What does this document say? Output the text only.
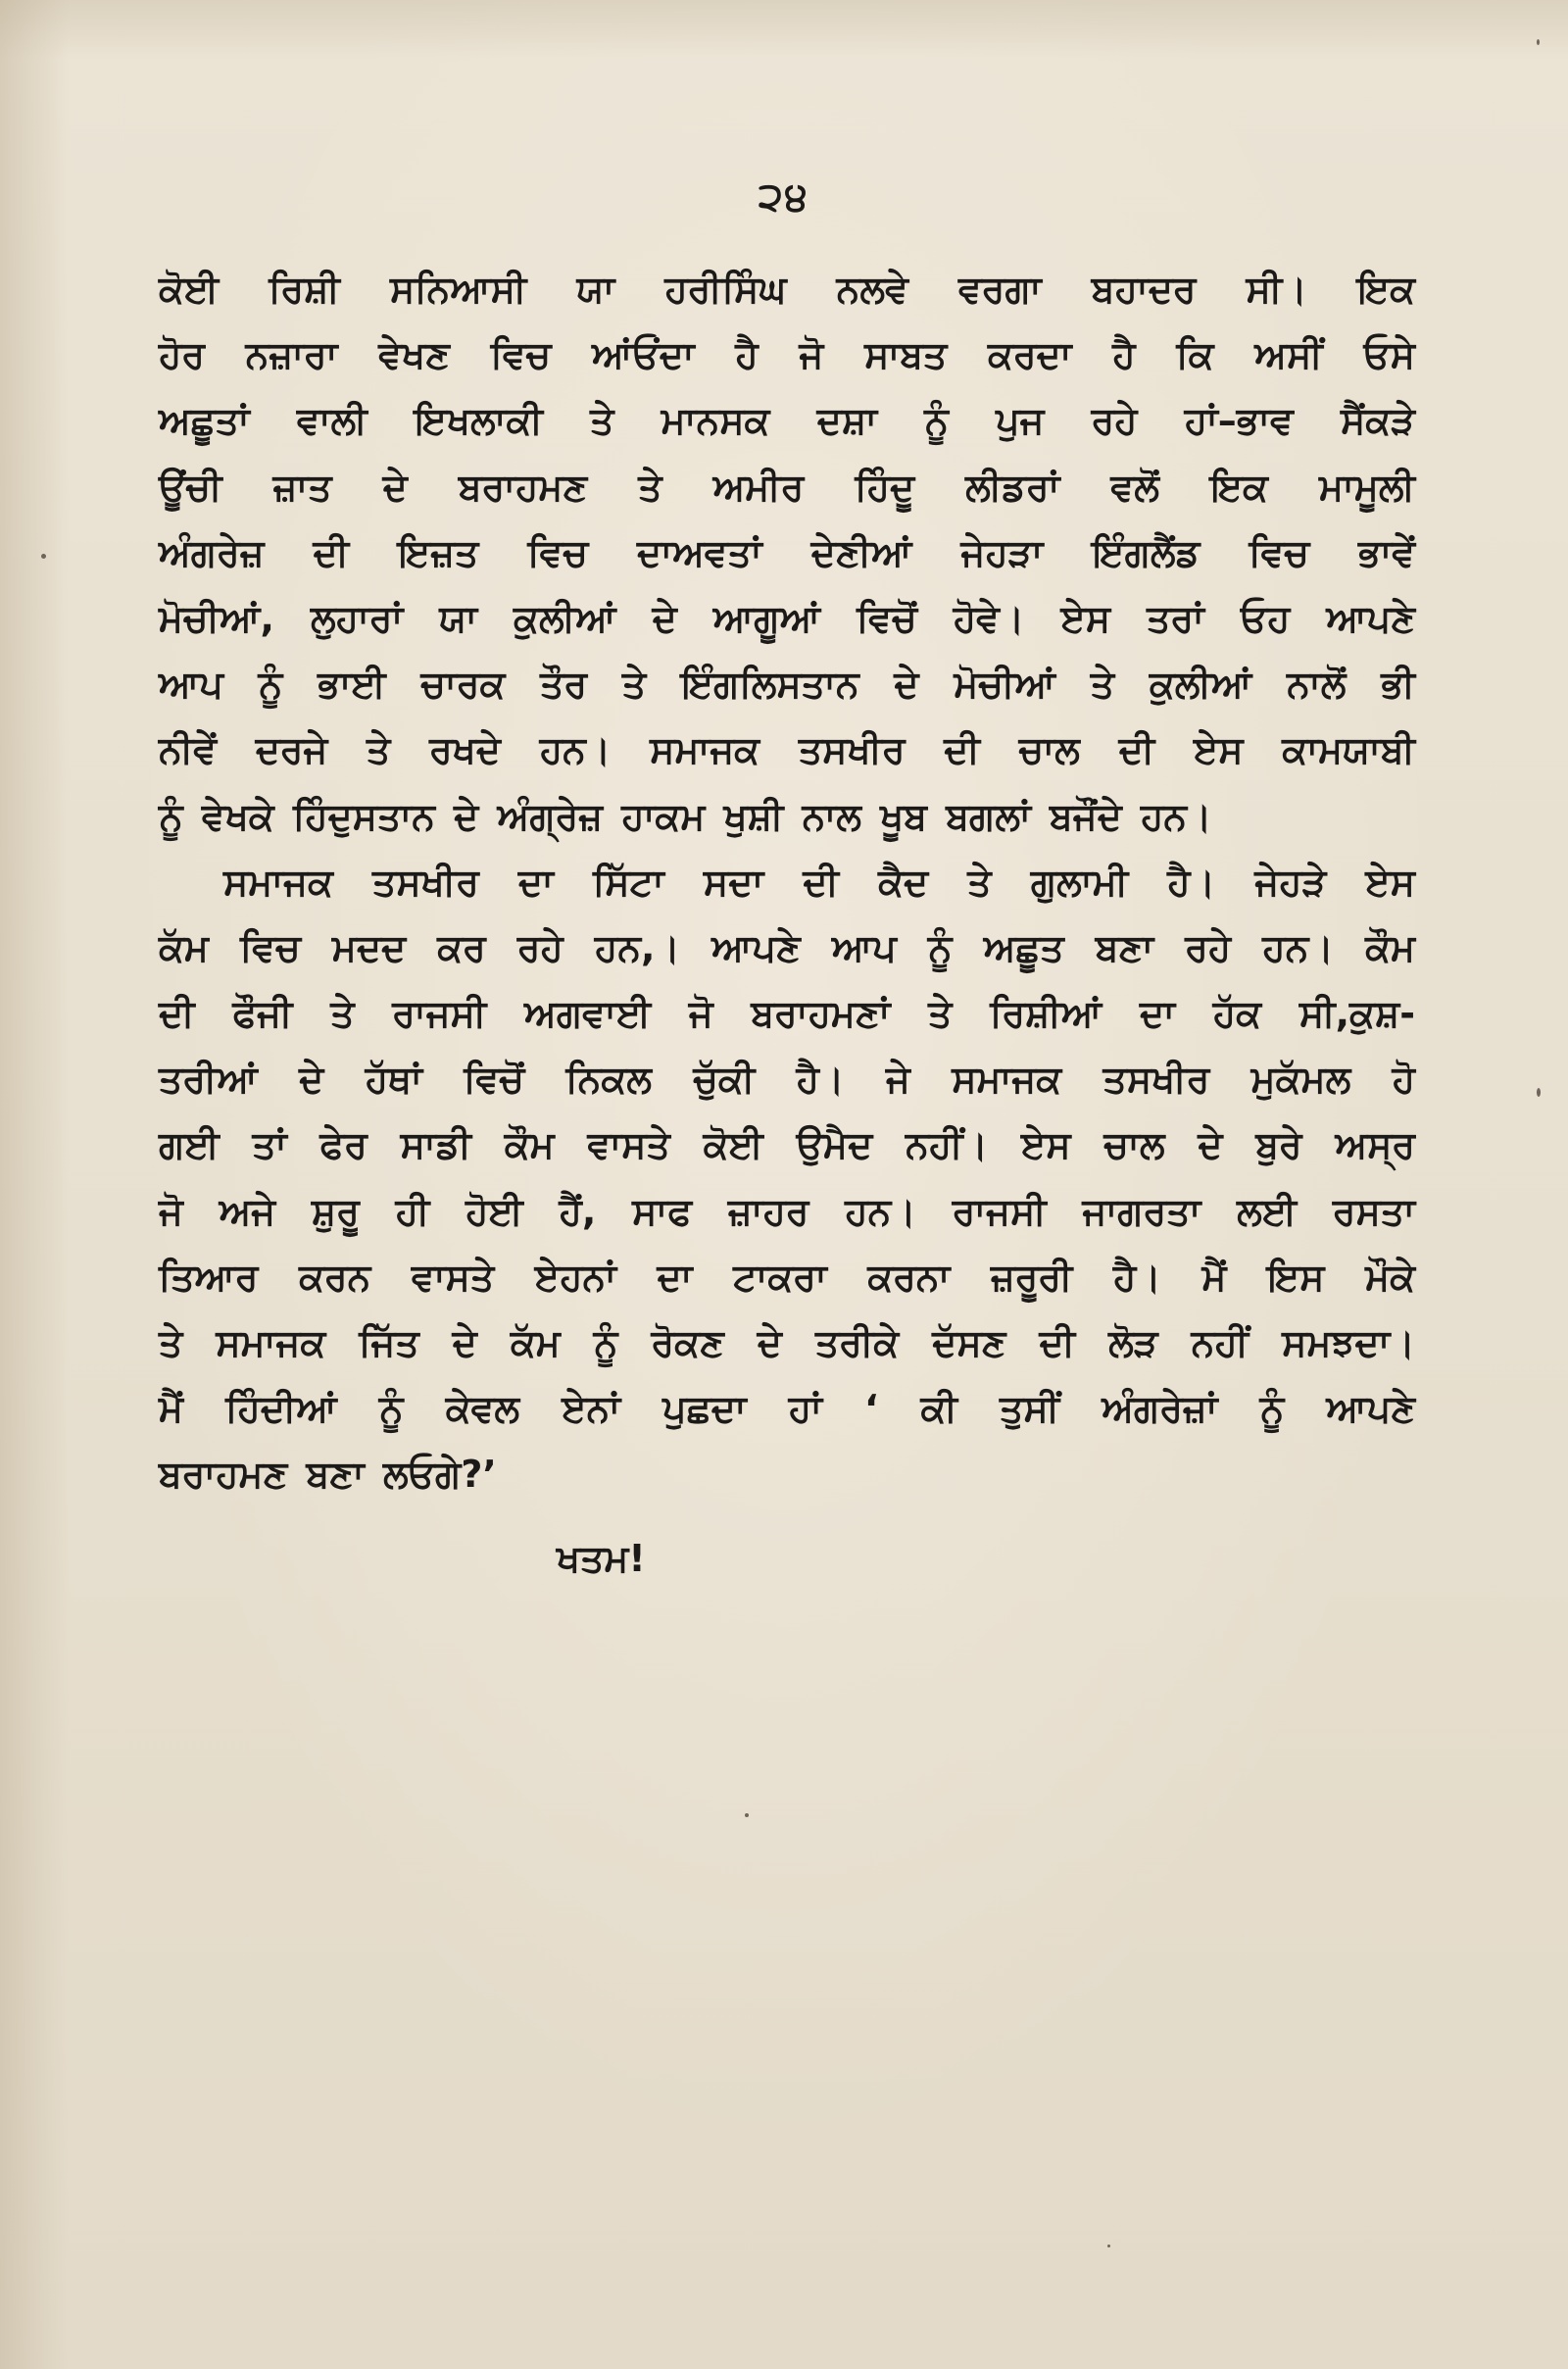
੨੪
ਕੋਈ ਰਿਸ਼ੀ ਸਨਿਆਸੀ ਯਾ ਹਰੀਸਿੰਘ ਨਲਵੇ ਵਰਗਾ ਬਹਾਦਰ ਸੀ। ਇਕ
ਹੋਰ ਨਜ਼ਾਰਾ ਵੇਖਣ ਵਿਚ ਆਂਓਂਦਾ ਹੈ ਜੋ ਸਾਬਤ ਕਰਦਾ ਹੈ ਕਿ ਅਸੀਂ ਓਸੇ
ਅਛੂਤਾਂ ਵਾਲੀ ਇਖਲਾਕੀ ਤੇ ਮਾਨਸਕ ਦਸ਼ਾ ਨੂੰ ਪੁਜ ਰਹੇ ਹਾਂ–ਭਾਵ ਸੈਂਕੜੇ
ਊਂਚੀ ਜ਼ਾਤ ਦੇ ਬਰਾਹਮਣ ਤੇ ਅਮੀਰ ਹਿੰਦੂ ਲੀਡਰਾਂ ਵਲੋਂ ਇਕ ਮਾਮੂਲੀ
ਅੰਗਰੇਜ਼ ਦੀ ਇਜ਼ਤ ਵਿਚ ਦਾਅਵਤਾਂ ਦੇਣੀਆਂ ਜੇਹੜਾ ਇੰਗਲੈਂਡ ਵਿਚ ਭਾਵੇਂ
ਮੋਚੀਆਂ, ਲੁਹਾਰਾਂ ਯਾ ਕੁਲੀਆਂ ਦੇ ਆਗੂਆਂ ਵਿਚੋਂ ਹੋਵੇ। ਏਸ ਤਰਾਂ ਓਹ ਆਪਣੇ
ਆਪ ਨੂੰ ਭਾਈ ਚਾਰਕ ਤੌਰ ਤੇ ਇੰਗਲਿਸਤਾਨ ਦੇ ਮੋਚੀਆਂ ਤੇ ਕੁਲੀਆਂ ਨਾਲੋਂ ਭੀ
ਨੀਵੇਂ ਦਰਜੇ ਤੇ ਰਖਦੇ ਹਨ। ਸਮਾਜਕ ਤਸਖੀਰ ਦੀ ਚਾਲ ਦੀ ਏਸ ਕਾਮਯਾਬੀ
ਨੂੰ ਵੇਖਕੇ ਹਿੰਦੁਸਤਾਨ ਦੇ ਅੰਗ੍ਰੇਜ਼ ਹਾਕਮ ਖੁਸ਼ੀ ਨਾਲ ਖੂਬ ਬਗਲਾਂ ਬਜੌਂਦੇ ਹਨ।
ਸਮਾਜਕ ਤਸਖੀਰ ਦਾ ਸਿੱਟਾ ਸਦਾ ਦੀ ਕੈਦ ਤੇ ਗੁਲਾਮੀ ਹੈ। ਜੇਹੜੇ ਏਸ
ਕੱਮ ਵਿਚ ਮਦਦ ਕਰ ਰਹੇ ਹਨ,। ਆਪਣੇ ਆਪ ਨੂੰ ਅਛੂਤ ਬਣਾ ਰਹੇ ਹਨ। ਕੌਮ
ਦੀ ਫੌਜੀ ਤੇ ਰਾਜਸੀ ਅਗਵਾਈ ਜੋ ਬਰਾਹਮਣਾਂ ਤੇ ਰਿਸ਼ੀਆਂ ਦਾ ਹੱਕ ਸੀ,ਕੁਸ਼-
ਤਰੀਆਂ ਦੇ ਹੱਥਾਂ ਵਿਚੋਂ ਨਿਕਲ ਚੁੱਕੀ ਹੈ। ਜੇ ਸਮਾਜਕ ਤਸਖੀਰ ਮੁਕੱਮਲ ਹੋ
ਗਈ ਤਾਂ ਫੇਰ ਸਾਡੀ ਕੌਮ ਵਾਸਤੇ ਕੋਈ ਉਮੈਦ ਨਹੀਂ। ਏਸ ਚਾਲ ਦੇ ਬੁਰੇ ਅਸ੍ਰ
ਜੋ ਅਜੇ ਸ਼ੁਰੂ ਹੀ ਹੋਈ ਹੈਂ, ਸਾਫ ਜ਼ਾਹਰ ਹਨ। ਰਾਜਸੀ ਜਾਗਰਤਾ ਲਈ ਰਸਤਾ
ਤਿਆਰ ਕਰਨ ਵਾਸਤੇ ਏਹਨਾਂ ਦਾ ਟਾਕਰਾ ਕਰਨਾ ਜ਼ਰੂਰੀ ਹੈ। ਮੈਂ ਇਸ ਮੌਕੇ
ਤੇ ਸਮਾਜਕ ਜਿੱਤ ਦੇ ਕੱਮ ਨੂੰ ਰੋਕਣ ਦੇ ਤਰੀਕੇ ਦੱਸਣ ਦੀ ਲੋੜ ਨਹੀਂ ਸਮਝਦਾ।
ਮੈਂ ਹਿੰਦੀਆਂ ਨੂੰ ਕੇਵਲ ਏਨਾਂ ਪੁਛਦਾ ਹਾਂ ‘ ਕੀ ਤੁਸੀਂ ਅੰਗਰੇਜ਼ਾਂ ਨੂੰ ਆਪਣੇ
ਬਰਾਹਮਣ ਬਣਾ ਲਓਗੇ?’
ਖਤਮ!
